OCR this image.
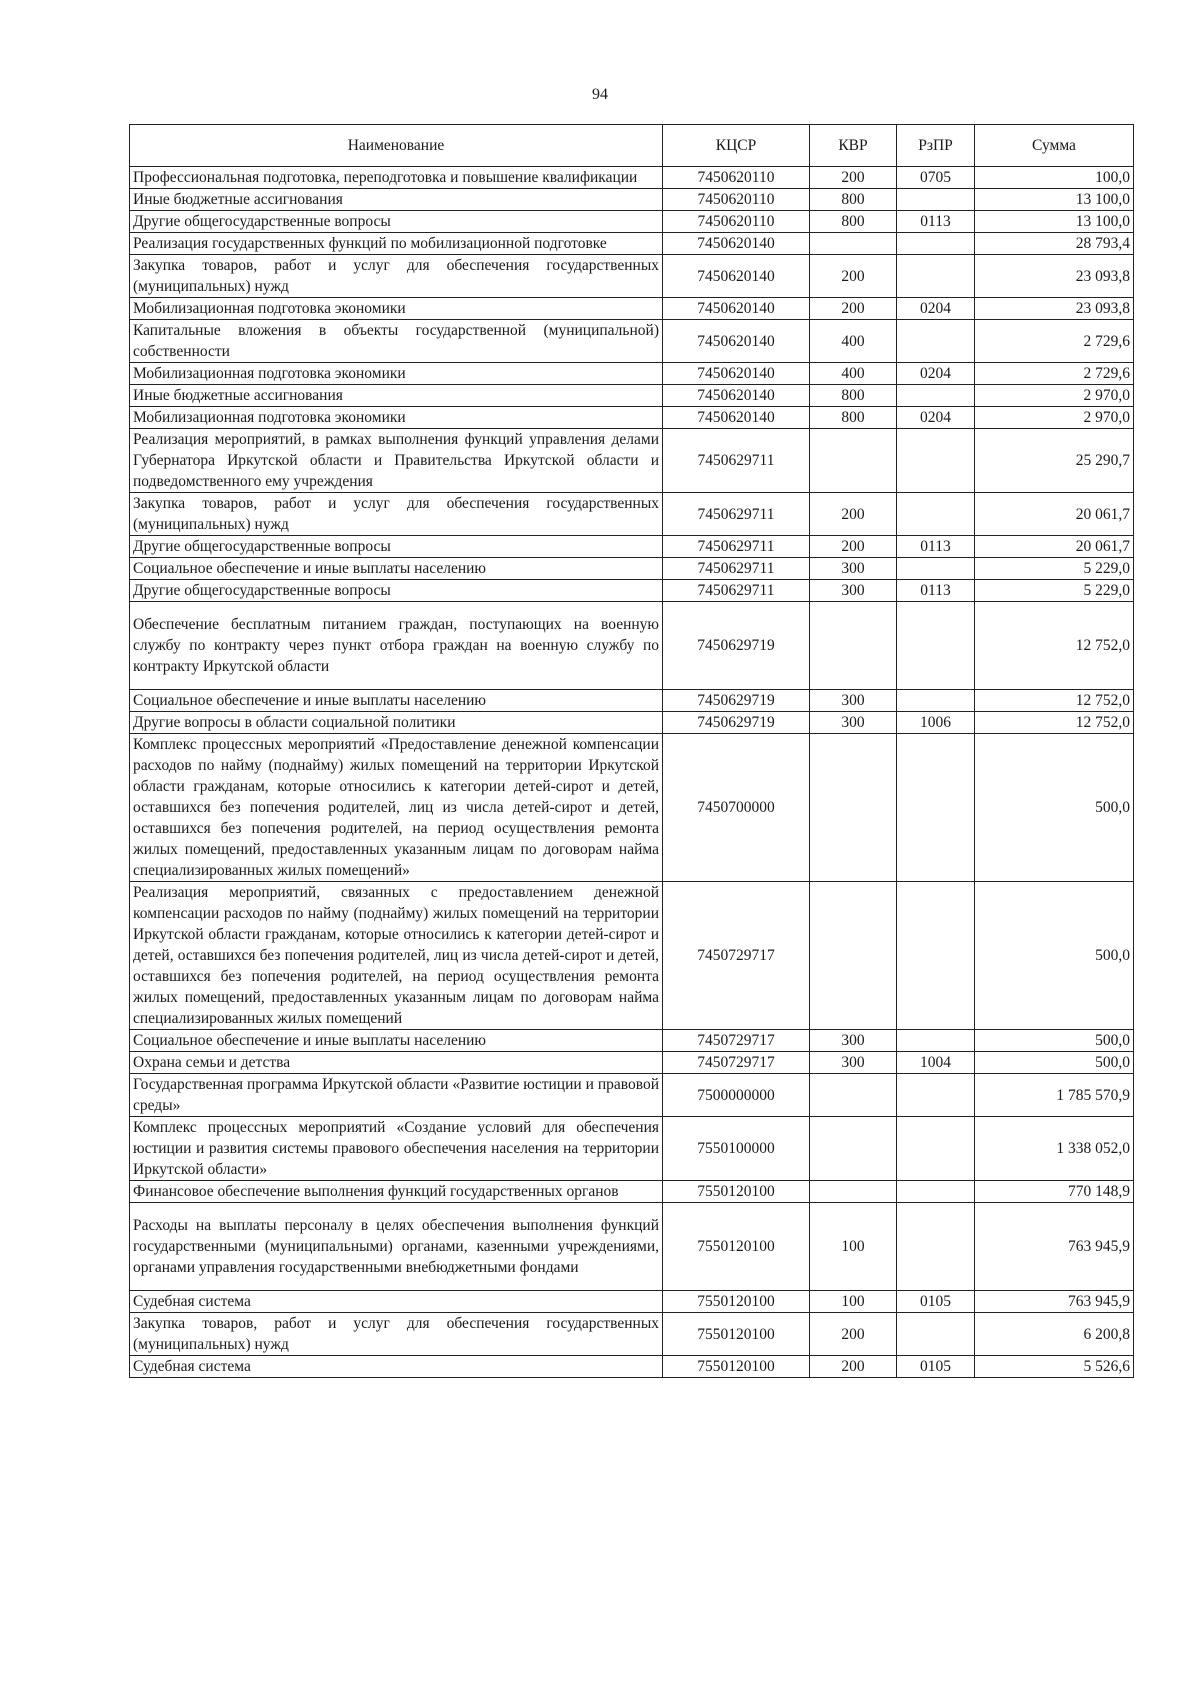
94
Наименование	КЦСР	КВР	РзПР	Сумма
Профессиональная подготовка, переподготовка и повышение квалификации	7450620110	200	0705	100,0
Иные бюджетные ассигнования	7450620110	800		13 100,0
Другие общегосударственные вопросы	7450620110	800	0113	13 100,0
Реализация государственных функций по мобилизационной подготовке	7450620140			28 793,4
Закупка товаров, работ и услуг для обеспечения государственных (муниципальных) нужд	7450620140	200		23 093,8
Мобилизационная подготовка экономики	7450620140	200	0204	23 093,8
Капитальные вложения в объекты государственной (муниципальной) собственности	7450620140	400		2 729,6
Мобилизационная подготовка экономики	7450620140	400	0204	2 729,6
Иные бюджетные ассигнования	7450620140	800		2 970,0
Мобилизационная подготовка экономики	7450620140	800	0204	2 970,0
Реализация мероприятий, в рамках выполнения функций управления делами Губернатора Иркутской области и Правительства Иркутской области и подведомственного ему учреждения	7450629711			25 290,7
Закупка товаров, работ и услуг для обеспечения государственных (муниципальных) нужд	7450629711	200		20 061,7
Другие общегосударственные вопросы	7450629711	200	0113	20 061,7
Социальное обеспечение и иные выплаты населению	7450629711	300		5 229,0
Другие общегосударственные вопросы	7450629711	300	0113	5 229,0
Обеспечение бесплатным питанием граждан, поступающих на военную службу по контракту через пункт отбора граждан на военную службу по контракту Иркутской области	7450629719			12 752,0
Социальное обеспечение и иные выплаты населению	7450629719	300		12 752,0
Другие вопросы в области социальной политики	7450629719	300	1006	12 752,0
Комплекс процессных мероприятий «Предоставление денежной компенсации расходов по найму (поднайму) жилых помещений на территории Иркутской области гражданам, которые относились к категории детей-сирот и детей, оставшихся без попечения родителей, лиц из числа детей-сирот и детей, оставшихся без попечения родителей, на период осуществления ремонта жилых помещений, предоставленных указанным лицам по договорам найма специализированных жилых помещений»	7450700000			500,0
Реализация мероприятий, связанных с предоставлением денежной компенсации расходов по найму (поднайму) жилых помещений на территории Иркутской области гражданам, которые относились к категории детей-сирот и детей, оставшихся без попечения родителей, лиц из числа детей-сирот и детей, оставшихся без попечения родителей, на период осуществления ремонта жилых помещений, предоставленных указанным лицам по договорам найма специализированных жилых помещений	7450729717			500,0
Социальное обеспечение и иные выплаты населению	7450729717	300		500,0
Охрана семьи и детства	7450729717	300	1004	500,0
Государственная программа Иркутской области «Развитие юстиции и правовой среды»	7500000000			1 785 570,9
Комплекс процессных мероприятий «Создание условий для обеспечения юстиции и развития системы правового обеспечения населения на территории Иркутской области»	7550100000			1 338 052,0
Финансовое обеспечение выполнения функций государственных органов	7550120100			770 148,9
Расходы на выплаты персоналу в целях обеспечения выполнения функций государственными (муниципальными) органами, казенными учреждениями, органами управления государственными внебюджетными фондами	7550120100	100		763 945,9
Судебная система	7550120100	100	0105	763 945,9
Закупка товаров, работ и услуг для обеспечения государственных (муниципальных) нужд	7550120100	200		6 200,8
Судебная система	7550120100	200	0105	5 526,6
